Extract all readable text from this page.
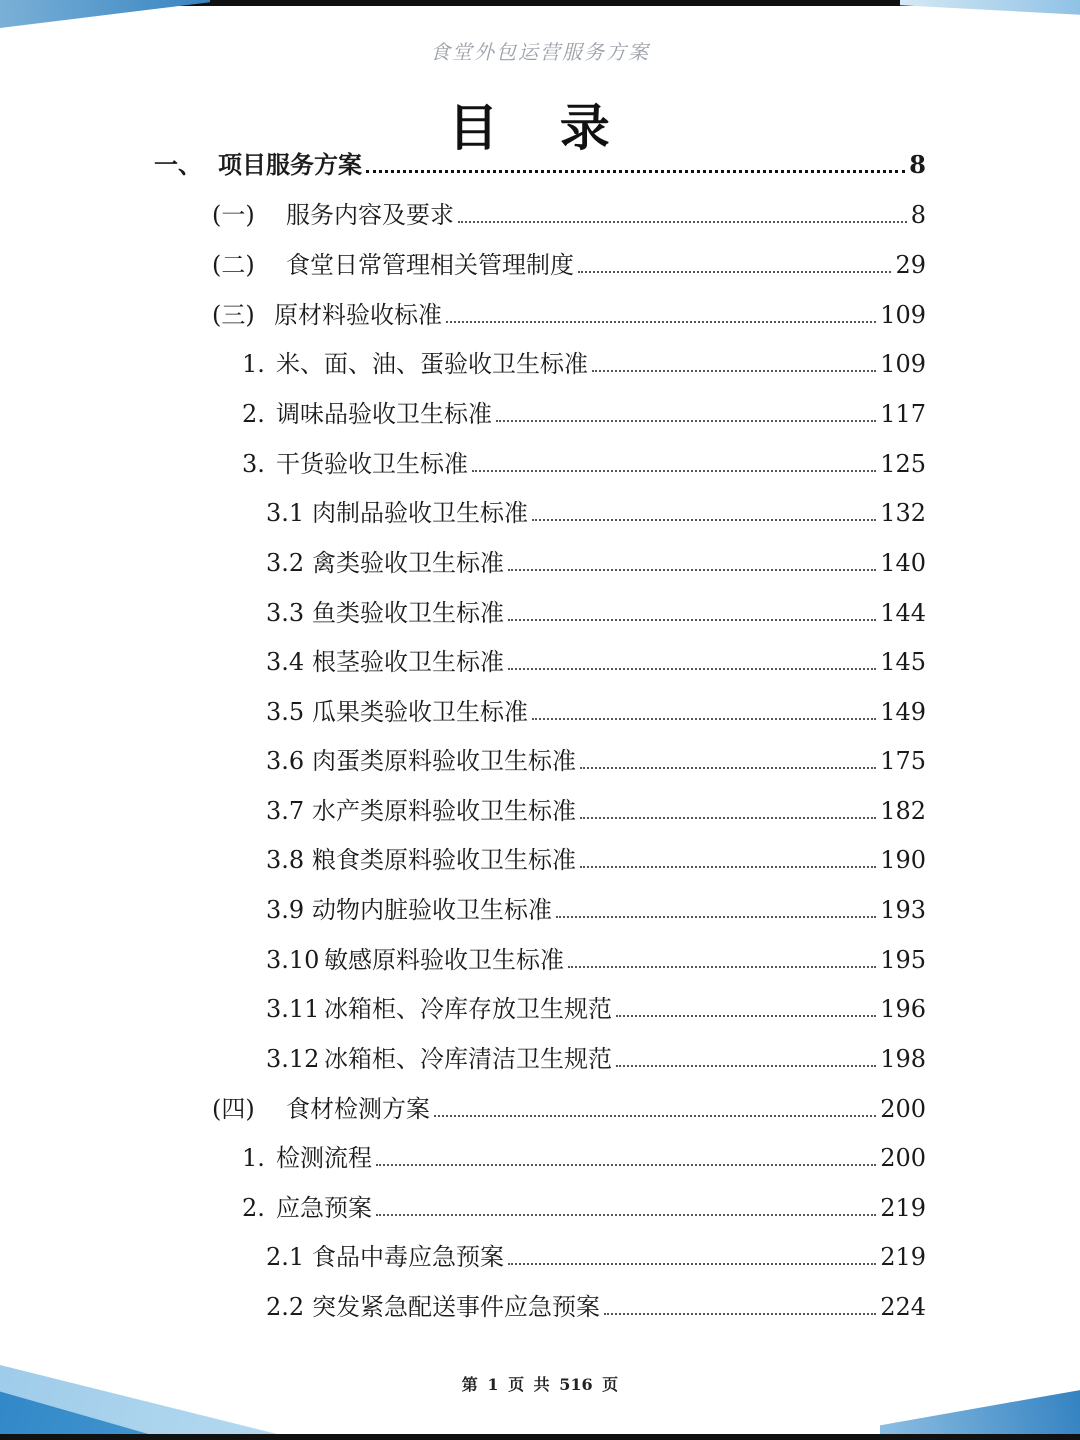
食堂外包运营服务方案
目 录
一、 项目服务方案	8
(一)	服务内容及要求	8
(二)	食堂日常管理相关管理制度	29
(三) 原材料验收标准	109
1. 米、面、油、蛋验收卫生标准	109
2. 调味品验收卫生标准	117
3. 干货验收卫生标准	125
3.1 肉制品验收卫生标准	132
3.2 禽类验收卫生标准	140
3.3 鱼类验收卫生标准	144
3.4 根茎验收卫生标准	145
3.5 瓜果类验收卫生标准	149
3.6 肉蛋类原料验收卫生标准	175
3.7 水产类原料验收卫生标准	182
3.8 粮食类原料验收卫生标准	190
3.9 动物内脏验收卫生标准	193
3.10 敏感原料验收卫生标准	195
3.11 冰箱柜、冷库存放卫生规范	196
3.12 冰箱柜、冷库清洁卫生规范	198
(四)	食材检测方案	200
1. 检测流程	200
2. 应急预案	219
2.1 食品中毒应急预案	219
2.2 突发紧急配送事件应急预案	224
第 1 页 共 516 页
